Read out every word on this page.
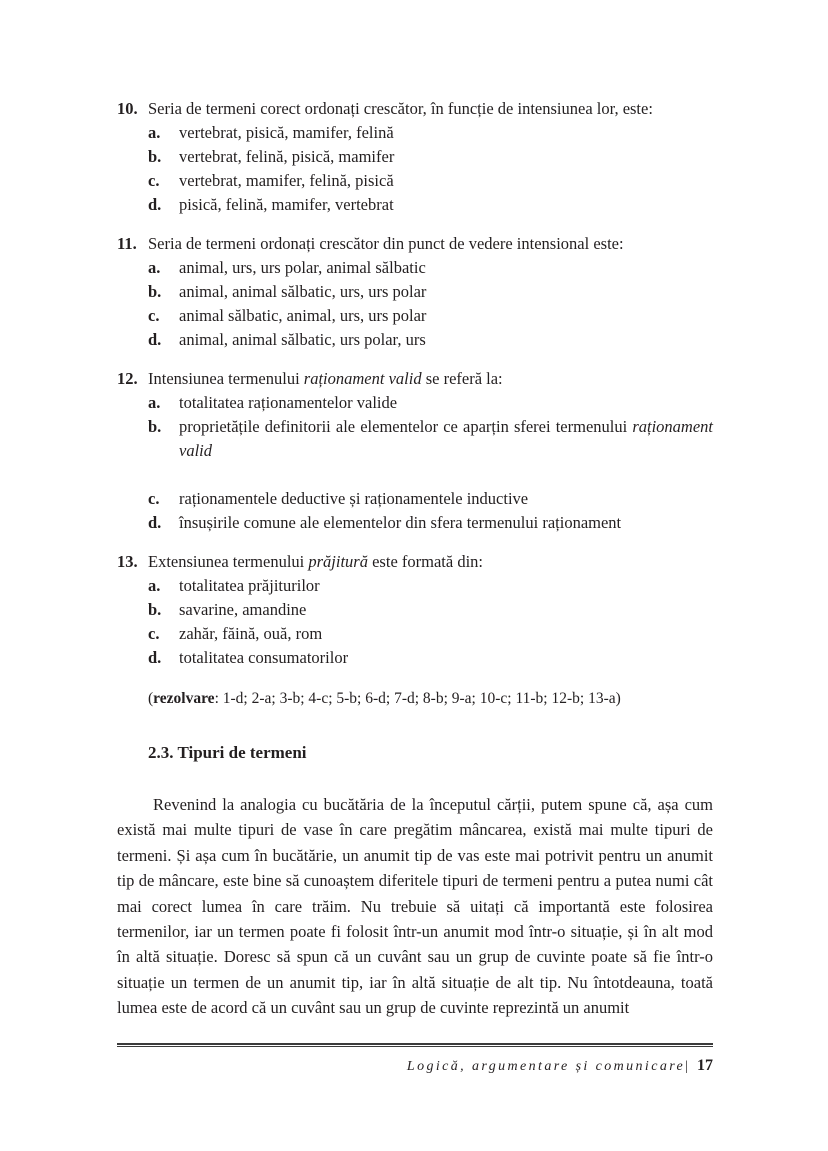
10. Seria de termeni corect ordonați crescător, în funcție de intensiunea lor, este:
a.	vertebrat, pisică, mamifer, felină
b.	vertebrat, felină, pisică, mamifer
c.	vertebrat, mamifer, felină, pisică
d.	pisică, felină, mamifer, vertebrat
11. Seria de termeni ordonați crescător din punct de vedere intensional este:
a.	animal, urs, urs polar, animal sălbatic
b.	animal, animal sălbatic, urs, urs polar
c.	animal sălbatic, animal, urs, urs polar
d.	animal, animal sălbatic, urs polar, urs
12. Intensiunea termenului raționament valid se referă la:
a.	totalitatea raționamentelor valide
b.	proprietățile definitorii ale elementelor ce aparțin sferei termenului raționament valid
c.	raționamentele deductive și raționamentele inductive
d.	însușirile comune ale elementelor din sfera termenului raționament
13. Extensiunea termenului prăjitură este formată din:
a.	totalitatea prăjiturilor
b.	savarine, amandine
c.	zahăr, făină, ouă, rom
d.	totalitatea consumatorilor
(rezolvare: 1-d; 2-a; 3-b; 4-c; 5-b; 6-d; 7-d; 8-b; 9-a; 10-c; 11-b; 12-b; 13-a)
2.3. Tipuri de termeni
Revenind la analogia cu bucătăria de la începutul cărții, putem spune că, așa cum există mai multe tipuri de vase în care pregătim mâncarea, există mai multe tipuri de termeni. Și așa cum în bucătărie, un anumit tip de vas este mai potrivit pentru un anumit tip de mâncare, este bine să cunoaștem diferitele tipuri de termeni pentru a putea numi cât mai corect lumea în care trăim. Nu trebuie să uitați că importantă este folosirea termenilor, iar un termen poate fi folosit într-un anumit mod într-o situație, și în alt mod în altă situație. Doresc să spun că un cuvânt sau un grup de cuvinte poate să fie într-o situație un termen de un anumit tip, iar în altă situație de alt tip. Nu întotdeauna, toată lumea este de acord că un cuvânt sau un grup de cuvinte reprezintă un anumit
Logică, argumentare și comunicare| 17
